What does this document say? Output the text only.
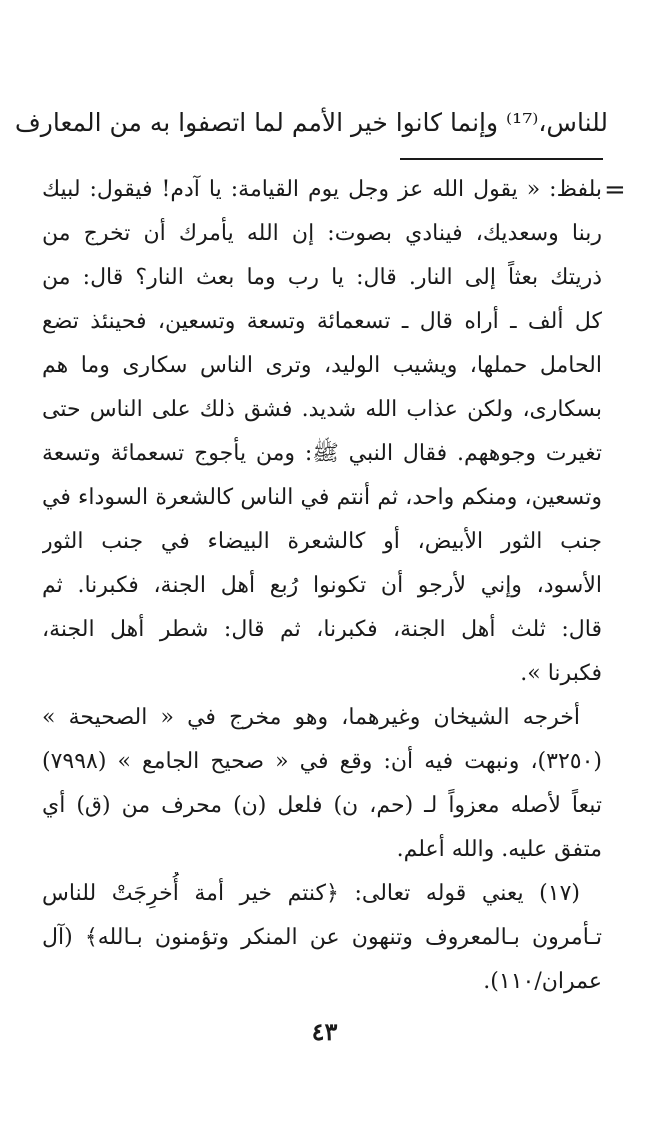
للناس،⁽¹⁷⁾ وإنما كانوا خير الأمم لما اتصفوا به من المعارف
=
بلفظ: « يقول الله عز وجل يوم القيامة: يا آدم! فيقول: لبيك
ربنا وسعديك، فينادي بصوت: إن الله يأمرك أن تخرج من
ذريتك بعثاً إلى النار. قال: يا رب وما بعث النار؟ قال: من
كل ألف ـ أراه قال ـ تسعمائة وتسعة وتسعين، فحينئذ تضع
الحامل حملها، ويشيب الوليد، وترى الناس سكارى وما هم
بسكارى، ولكن عذاب الله شديد. فشق ذلك على الناس حتى
تغيرت وجوههم. فقال النبي ﷺ: ومن يأجوج تسعمائة وتسعة
وتسعين، ومنكم واحد، ثم أنتم في الناس كالشعرة السوداء في
جنب الثور الأبيض، أو كالشعرة البيضاء في جنب الثور
الأسود، وإني لأرجو أن تكونوا رُبع أهل الجنة، فكبرنا. ثم
قال: ثلث أهل الجنة، فكبرنا، ثم قال: شطر أهل الجنة،
فكبرنا ».
أخرجه الشيخان وغيرهما، وهو مخرج في « الصحيحة »
(٣٢٥٠)، ونبهت فيه أن: وقع في « صحيح الجامع » (٧٩٩٨)
تبعاً لأصله معزواً لـ (حم، ن) فلعل (ن) محرف من (ق) أي
متفق عليه. والله أعلم.
(١٧) يعني قوله تعالى: ﴿كنتم خير أمة أُخرِجَتْ للناس
تـأمرون بـالمعروف وتنهون عن المنكر وتؤمنون بـالله﴾ (آل
عمران/١١٠).
٤٣
